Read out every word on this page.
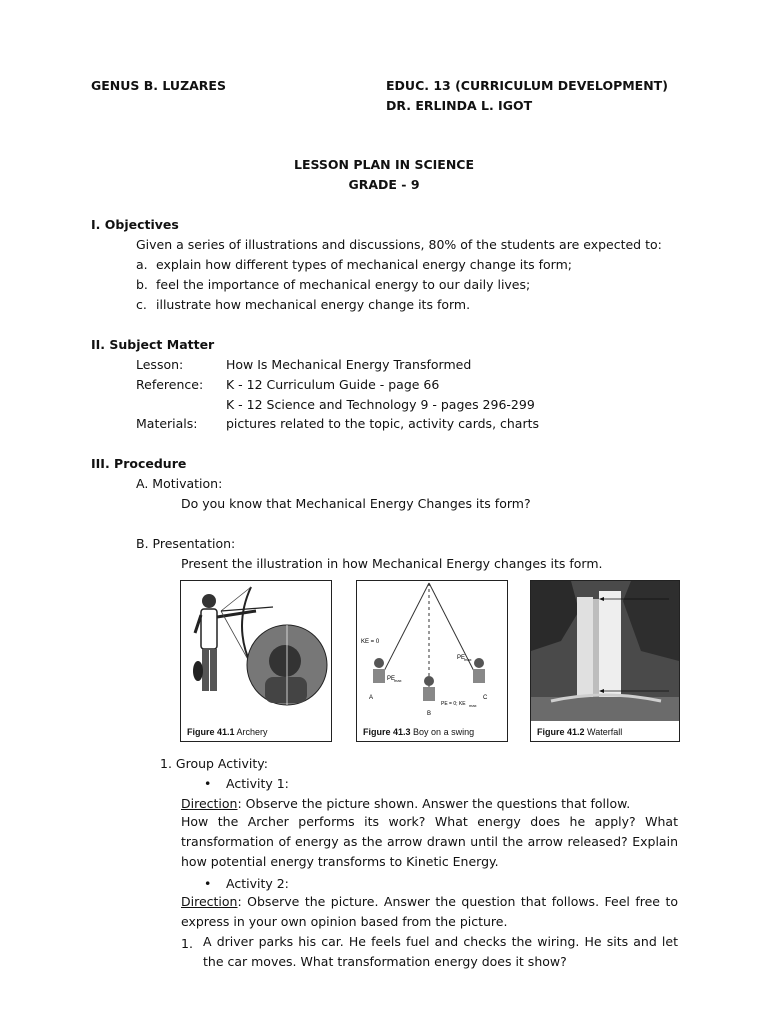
GENUS B. LUZARES	EDUC. 13 (CURRICULUM DEVELOPMENT)
DR. ERLINDA L. IGOT
LESSON PLAN IN SCIENCE
GRADE - 9
I. Objectives
Given a series of illustrations and discussions, 80% of the students are expected to:
a. explain how different types of mechanical energy change its form;
b. feel the importance of mechanical energy to our daily lives;
c. illustrate how mechanical energy change its form.
II. Subject Matter
Lesson:	How Is Mechanical Energy Transformed
Reference: K - 12 Curriculum Guide - page 66
K - 12 Science and Technology 9 - pages 296-299
Materials: pictures related to the topic, activity cards, charts
III. Procedure
A. Motivation:
Do you know that Mechanical Energy Changes its form?
B. Presentation:
Present the illustration in how Mechanical Energy changes its form.
Figure 41.1 Archery
KE = 0
PE
max
PE
max
PE = 0; KE max
A
B
C
Figure 41.3 Boy on a swing	Figure 41.2 Waterfall
1. Group Activity:
• Activity 1:
Direction: Observe the picture shown. Answer the questions that follow.
How the Archer performs its work? What energy does he apply? What transformation of energy as the arrow drawn until the arrow released? Explain how potential energy transforms to Kinetic Energy.
• Activity 2:
Direction: Observe the picture. Answer the question that follows. Feel free to express in your own opinion based from the picture.
1. A driver parks his car. He feels fuel and checks the wiring. He sits and let the car moves. What transformation energy does it show?
